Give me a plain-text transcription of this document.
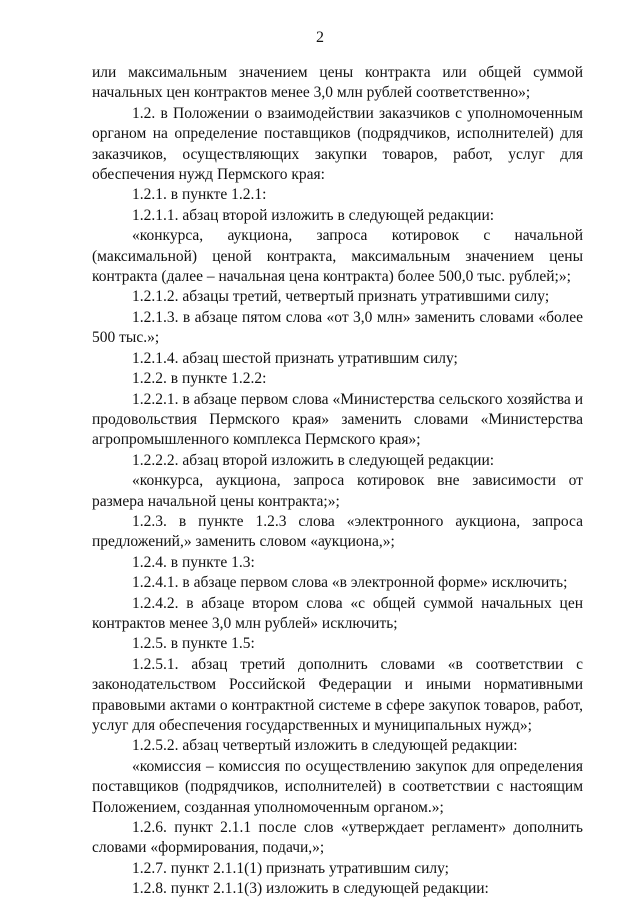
2

или максимальным значением цены контракта или общей суммой начальных цен контрактов менее 3,0 млн рублей соответственно»;

1.2. в Положении о взаимодействии заказчиков с уполномоченным органом на определение поставщиков (подрядчиков, исполнителей) для заказчиков, осуществляющих закупки товаров, работ, услуг для обеспечения нужд Пермского края:

1.2.1. в пункте 1.2.1:

1.2.1.1. абзац второй изложить в следующей редакции:

«конкурса, аукциона, запроса котировок с начальной (максимальной) ценой контракта, максимальным значением цены контракта (далее – начальная цена контракта) более 500,0 тыс. рублей;»;

1.2.1.2. абзацы третий, четвертый признать утратившими силу;

1.2.1.3. в абзаце пятом слова «от 3,0 млн» заменить словами «более 500 тыс.»;

1.2.1.4. абзац шестой признать утратившим силу;

1.2.2. в пункте 1.2.2:

1.2.2.1. в абзаце первом слова «Министерства сельского хозяйства и продовольствия Пермского края» заменить словами «Министерства агропромышленного комплекса Пермского края»;

1.2.2.2. абзац второй изложить в следующей редакции:

«конкурса, аукциона, запроса котировок вне зависимости от размера начальной цены контракта;»;

1.2.3. в пункте 1.2.3 слова «электронного аукциона, запроса предложений,» заменить словом «аукциона,»;

1.2.4. в пункте 1.3:

1.2.4.1. в абзаце первом слова «в электронной форме» исключить;

1.2.4.2. в абзаце втором слова «с общей суммой начальных цен контрактов менее 3,0 млн рублей» исключить;

1.2.5. в пункте 1.5:

1.2.5.1. абзац третий дополнить словами «в соответствии с законодательством Российской Федерации и иными нормативными правовыми актами о контрактной системе в сфере закупок товаров, работ, услуг для обеспечения государственных и муниципальных нужд»;

1.2.5.2. абзац четвертый изложить в следующей редакции:

«комиссия – комиссия по осуществлению закупок для определения поставщиков (подрядчиков, исполнителей) в соответствии с настоящим Положением, созданная уполномоченным органом.»;

1.2.6. пункт 2.1.1 после слов «утверждает регламент» дополнить словами «формирования, подачи,»;

1.2.7. пункт 2.1.1(1) признать утратившим силу;

1.2.8. пункт 2.1.1(3) изложить в следующей редакции:
